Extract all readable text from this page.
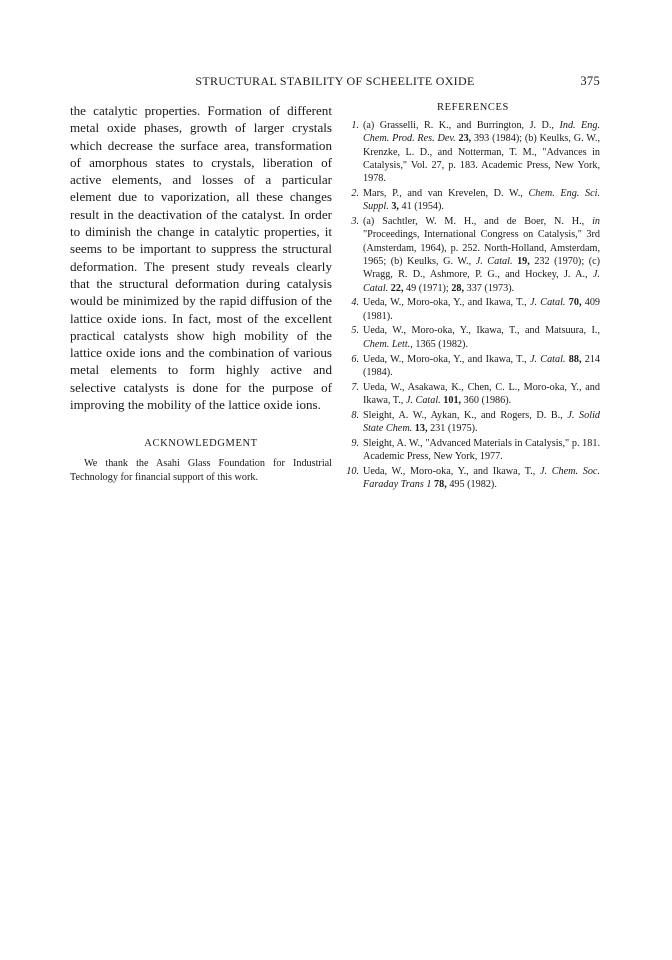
STRUCTURAL STABILITY OF SCHEELITE OXIDE	375

the catalytic properties. Formation of different metal oxide phases, growth of larger crystals which decrease the surface area, transformation of amorphous states to crystals, liberation of active elements, and losses of a particular element due to vaporization, all these changes result in the deactivation of the catalyst. In order to diminish the change in catalytic properties, it seems to be important to suppress the structural deformation. The present study reveals clearly that the structural deformation during catalysis would be minimized by the rapid diffusion of the lattice oxide ions. In fact, most of the excellent practical catalysts show high mobility of the lattice oxide ions and the combination of various metal elements to form highly active and selective catalysts is done for the purpose of improving the mobility of the lattice oxide ions.

ACKNOWLEDGMENT
We thank the Asahi Glass Foundation for Industrial Technology for financial support of this work.
REFERENCES
1. (a) Grasselli, R. K., and Burrington, J. D., Ind. Eng. Chem. Prod. Res. Dev. 23, 393 (1984); (b) Keulks, G. W., Krenzke, L. D., and Notterman, T. M., "Advances in Catalysis," Vol. 27, p. 183. Academic Press, New York, 1978.
2. Mars, P., and van Krevelen, D. W., Chem. Eng. Sci. Suppl. 3, 41 (1954).
3. (a) Sachtler, W. M. H., and de Boer, N. H., in "Proceedings, International Congress on Catalysis," 3rd (Amsterdam, 1964), p. 252. North-Holland, Amsterdam, 1965; (b) Keulks, G. W., J. Catal. 19, 232 (1970); (c) Wragg, R. D., Ashmore, P. G., and Hockey, J. A., J. Catal. 22, 49 (1971); 28, 337 (1973).
4. Ueda, W., Moro-oka, Y., and Ikawa, T., J. Catal. 70, 409 (1981).
5. Ueda, W., Moro-oka, Y., Ikawa, T., and Matsuura, I., Chem. Lett., 1365 (1982).
6. Ueda, W., Moro-oka, Y., and Ikawa, T., J. Catal. 88, 214 (1984).
7. Ueda, W., Asakawa, K., Chen, C. L., Moro-oka, Y., and Ikawa, T., J. Catal. 101, 360 (1986).
8. Sleight, A. W., Aykan, K., and Rogers, D. B., J. Solid State Chem. 13, 231 (1975).
9. Sleight, A. W., "Advanced Materials in Catalysis," p. 181. Academic Press, New York, 1977.
10. Ueda, W., Moro-oka, Y., and Ikawa, T., J. Chem. Soc. Faraday Trans 1 78, 495 (1982).
